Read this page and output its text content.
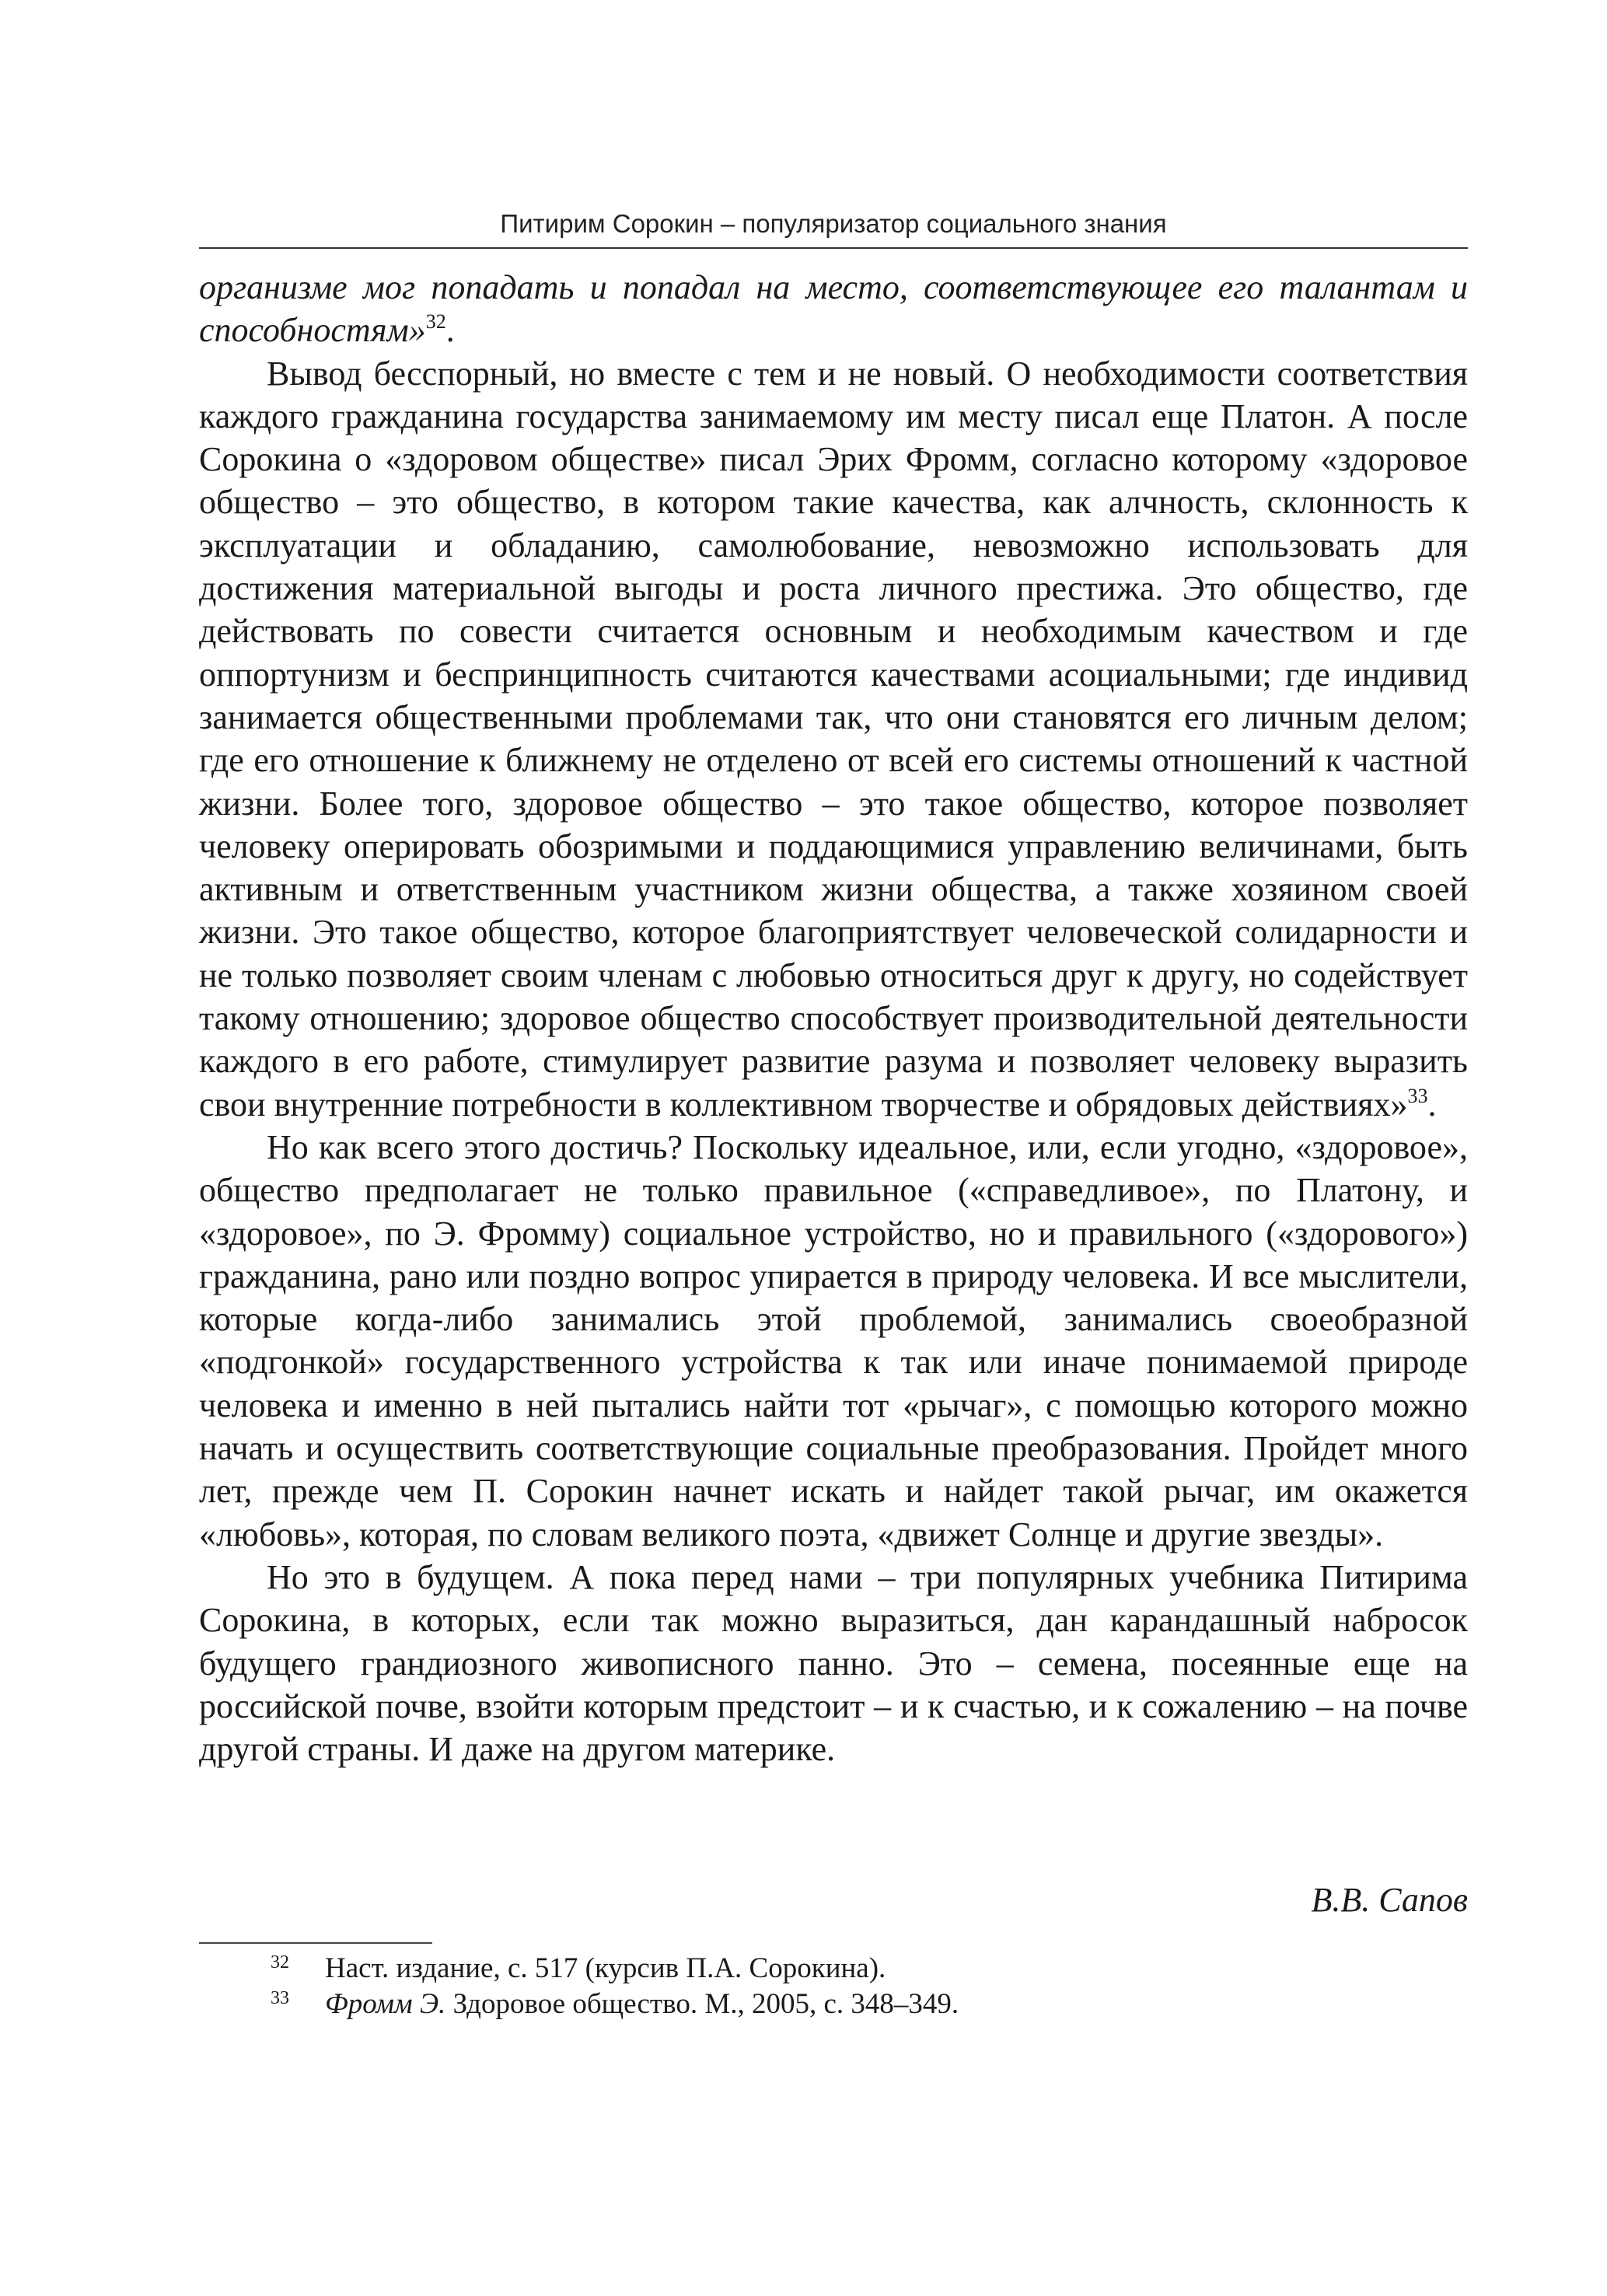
Питирим Сорокин – популяризатор социального знания

организме мог попадать и попадал на место, соответствующее его талантам и способностям»$^{32}$.

Вывод бесспорный, но вместе с тем и не новый. О необходимости соответствия каждого гражданина государства занимаемому им месту писал еще Платон. А после Сорокина о «здоровом обществе» писал Эрих Фромм, согласно которому «здоровое общество – это общество, в котором такие качества, как алчность, склонность к эксплуатации и обладанию, самолюбование, невозможно использовать для достижения материальной выгоды и роста личного престижа. Это общество, где действовать по совести считается основным и необходимым качеством и где оппортунизм и беспринципность считаются качествами асоциальными; где индивид занимается общественными проблемами так, что они становятся его личным делом; где его отношение к ближнему не отделено от всей его системы отношений к частной жизни. Более того, здоровое общество – это такое общество, которое позволяет человеку оперировать обозримыми и поддающимися управлению величинами, быть активным и ответственным участником жизни общества, а также хозяином своей жизни. Это такое общество, которое благоприятствует человеческой солидарности и не только позволяет своим членам с любовью относиться друг к другу, но содействует такому отношению; здоровое общество способствует производительной деятельности каждого в его работе, стимулирует развитие разума и позволяет человеку выразить свои внутренние потребности в коллективном творчестве и обрядовых действиях»$^{33}$.

Но как всего этого достичь? Поскольку идеальное, или, если угодно, «здоровое», общество предполагает не только правильное («справедливое», по Платону, и «здоровое», по Э. Фромму) социальное устройство, но и правильного («здорового») гражданина, рано или поздно вопрос упирается в природу человека. И все мыслители, которые когда-либо занимались этой проблемой, занимались своеобразной «подгонкой» государственного устройства к так или иначе понимаемой природе человека и именно в ней пытались найти тот «рычаг», с помощью которого можно начать и осуществить соответствующие социальные преобразования. Пройдет много лет, прежде чем П. Сорокин начнет искать и найдет такой рычаг, им окажется «любовь», которая, по словам великого поэта, «движет Солнце и другие звезды».

Но это в будущем. А пока перед нами – три популярных учебника Питирима Сорокина, в которых, если так можно выразиться, дан карандашный набросок будущего грандиозного живописного панно. Это – семена, посеянные еще на российской почве, взойти которым предстоит – и к счастью, и к сожалению – на почве другой страны. И даже на другом материке.

В.В. Сапов
32 Наст. издание, с. 517 (курсив П.А. Сорокина).
33 Фромм Э. Здоровое общество. М., 2005, с. 348–349.
